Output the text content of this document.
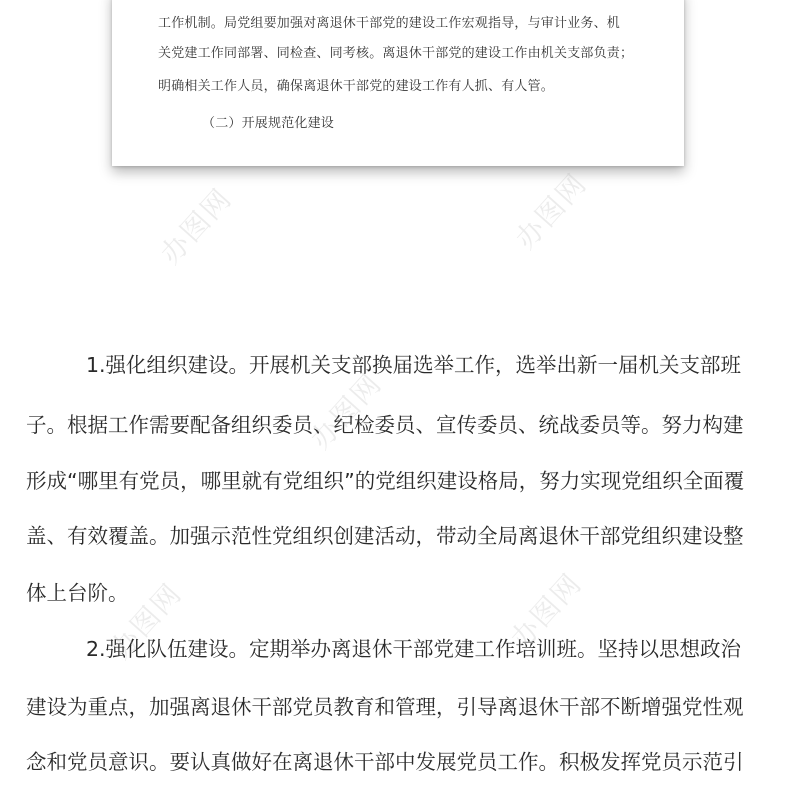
工作机制。局党组要加强对离退休干部党的建设工作宏观指导，与审计业务、机
关党建工作同部署、同检查、同考核。离退休干部党的建设工作由机关支部负责；
明确相关工作人员，确保离退休干部党的建设工作有人抓、有人管。
（二）开展规范化建设
1.强化组织建设。开展机关支部换届选举工作，选举出新一届机关支部班
子。根据工作需要配备组织委员、纪检委员、宣传委员、统战委员等。努力构建
形成“哪里有党员，哪里就有党组织”的党组织建设格局，努力实现党组织全面覆
盖、有效覆盖。加强示范性党组织创建活动，带动全局离退休干部党组织建设整
体上台阶。
2.强化队伍建设。定期举办离退休干部党建工作培训班。坚持以思想政治
建设为重点，加强离退休干部党员教育和管理，引导离退休干部不断增强党性观
念和党员意识。要认真做好在离退休干部中发展党员工作。积极发挥党员示范引
办图网	办图网
办图网
办图网	办图网
